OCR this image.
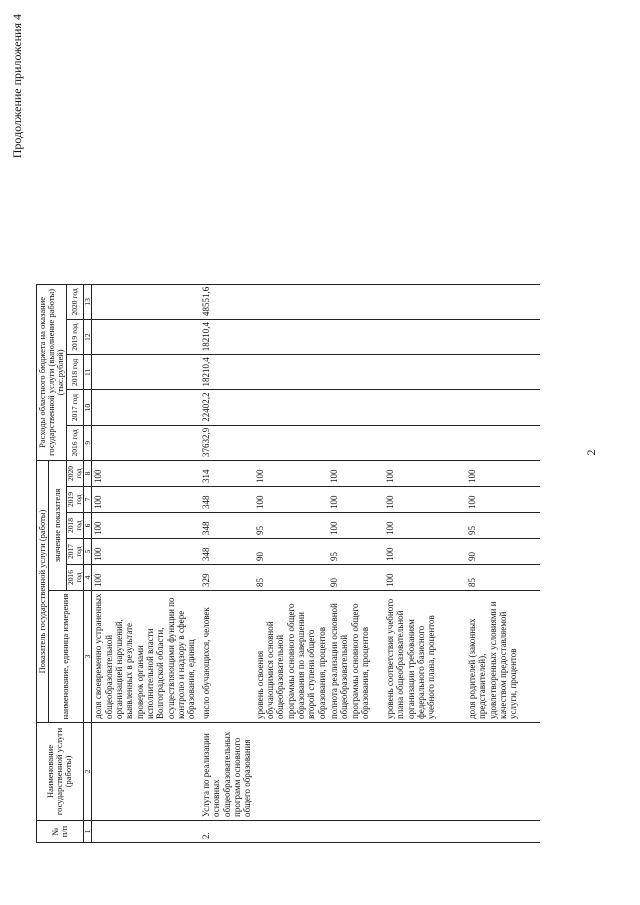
2
Продолжение приложения 4
№ п/п	Наименование государственной услуги (работы)	Показатель государственной услуги (работы)						Расходы областного бюджета на оказание государственной услуги (выполнение работы) (тыс.рублей)				
		наименование, единица измерения	значение показателя									
			2016 год	2017 год	2018 год	2019 год	2020 год	2016 год	2017 год	2018 год	2019 год	2020 год
1	2	3	4	5	6	7	8	9	10	11	12	13
		доля своевременно устраненных общеобразовательной организацией нарушений, выявленных в результате проверок органами исполнительной власти Волгоградской области, осуществляющими функции по контролю и надзору в сфере образования, единиц	100	100	100	100	100					
2.	Услуга по реализации основных общеобразовательных программ основного общего образования	число обучающихся, человек	329	348	348	348	314	37632,9	22402,2	18210,4	18210,4	48551,6
		уровень освоения обучающимися основной общеобразовательной программы основного общего образования по завершении второй ступени общего образования, процентов	85	90	95	100	100					
		полнота реализации основной общеобразовательной программы основного общего образования, процентов	90	95	100	100	100					
		уровень соответствия учебного плана общеобразовательной организации требованиям федерального базисного учебного плана, процентов	100	100	100	100	100					
		доля родителей (законных представителей), удовлетворенных условиями и качеством предоставляемой услуги, процентов	85	90	95	100	100					
